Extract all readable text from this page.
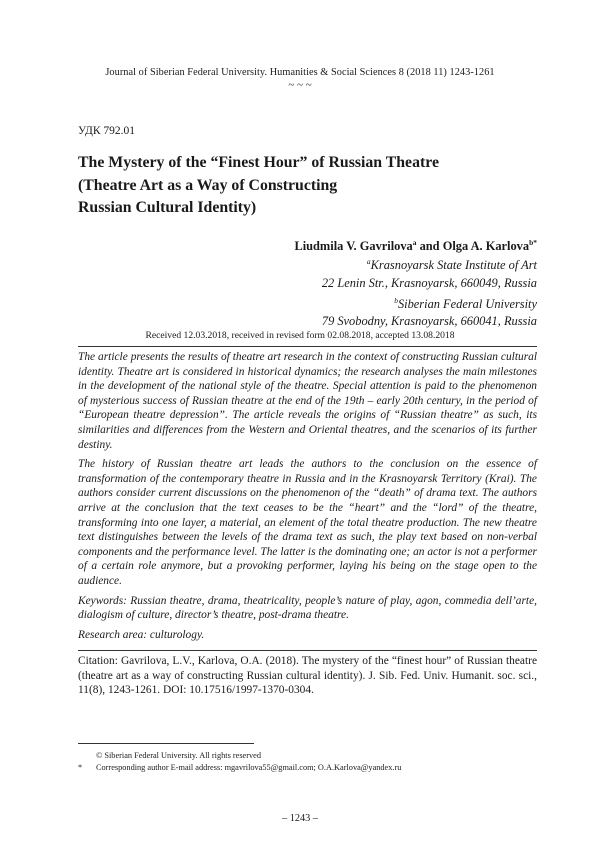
Journal of Siberian Federal University. Humanities & Social Sciences 8 (2018 11) 1243-1261
~ ~ ~
УДК 792.01
The Mystery of the “Finest Hour” of Russian Theatre
(Theatre Art as a Way of Constructing
Russian Cultural Identity)
Liudmila V. Gavrilova$^a$ and Olga A. Karlova$^{b*}$
$^a$Krasnoyarsk State Institute of Art
22 Lenin Str., Krasnoyarsk, 660049, Russia
$^b$Siberian Federal University
79 Svobodny, Krasnoyarsk, 660041, Russia
Received 12.03.2018, received in revised form 02.08.2018, accepted 13.08.2018

The article presents the results of theatre art research in the context of constructing Russian cultural identity. Theatre art is considered in historical dynamics; the research analyses the main milestones in the development of the national style of the theatre. Special attention is paid to the phenomenon of mysterious success of Russian theatre at the end of the 19th – early 20th century, in the period of “European theatre depression”. The article reveals the origins of “Russian theatre” as such, its similarities and differences from the Western and Oriental theatres, and the scenarios of its further destiny.

The history of Russian theatre art leads the authors to the conclusion on the essence of transformation of the contemporary theatre in Russia and in the Krasnoyarsk Territory (Krai). The authors consider current discussions on the phenomenon of the “death” of drama text. The authors arrive at the conclusion that the text ceases to be the “heart” and the “lord” of the theatre, transforming into one layer, a material, an element of the total theatre production. The new theatre text distinguishes between the levels of the drama text as such, the play text based on non-verbal components and the performance level. The latter is the dominating one; an actor is not a performer of a certain role anymore, but a provoking performer, laying his being on the stage open to the audience.

Keywords: Russian theatre, drama, theatricality, people’s nature of play, agon, commedia dell’arte, dialogism of culture, director’s theatre, post-drama theatre.

Research area: culturology.

Citation: Gavrilova, L.V., Karlova, O.A. (2018). The mystery of the “finest hour” of Russian theatre (theatre art as a way of constructing Russian cultural identity). J. Sib. Fed. Univ. Humanit. soc. sci., 11(8), 1243-1261. DOI: 10.17516/1997-1370-0304.
© Siberian Federal University. All rights reserved
* Corresponding author E-mail address: mgavrilova55@gmail.com; O.A.Karlova@yandex.ru
– 1243 –
